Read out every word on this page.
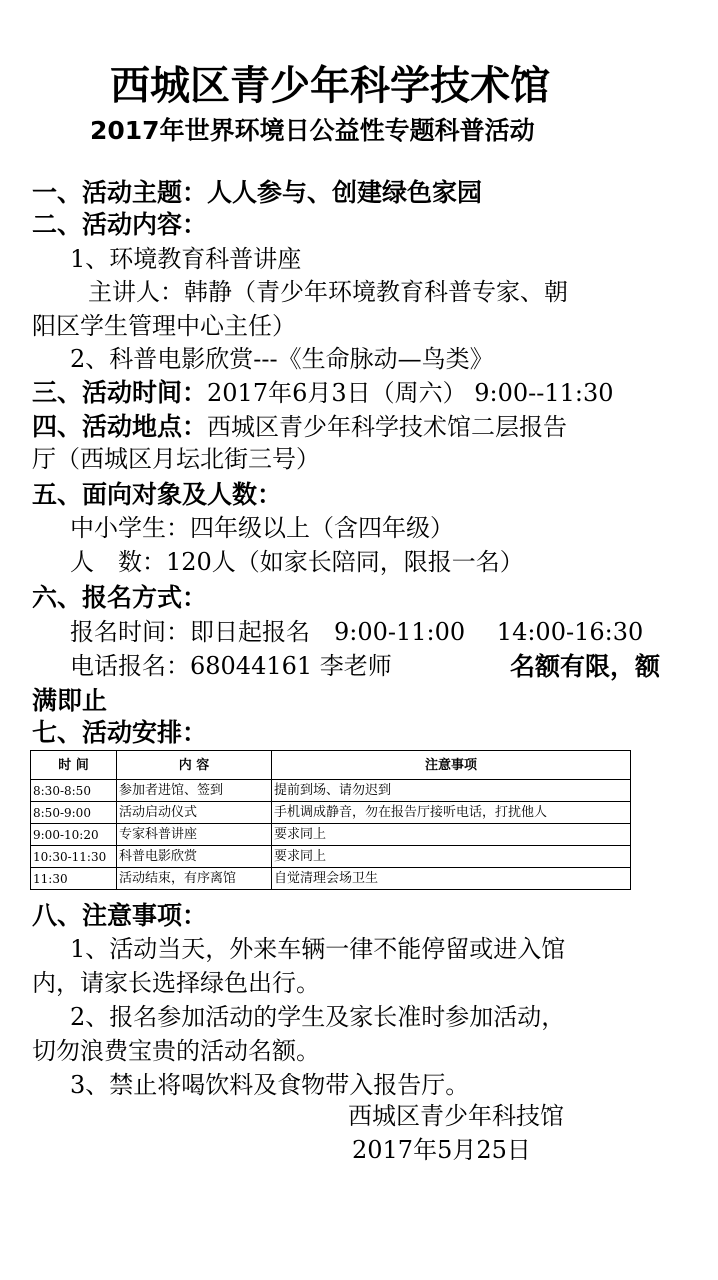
西城区青少年科学技术馆
2017年世界环境日公益性专题科普活动
一、活动主题：人人参与、创建绿色家园
二、活动内容：
1、环境教育科普讲座
主讲人：韩静（青少年环境教育科普专家、朝
阳区学生管理中心主任）
2、科普电影欣赏---《生命脉动—鸟类》
三、活动时间：2017年6月3日（周六） 9:00--11:30
四、活动地点：西城区青少年科学技术馆二层报告
厅（西城区月坛北街三号）
五、面向对象及人数：
中小学生：四年级以上（含四年级）
人　数：120人（如家长陪同，限报一名）
六、报名方式：
报名时间：即日起报名　9:00-11:00　 14:00-16:30
电话报名：68044161 李老师	名额有限，额
满即止
七、活动安排：
时 间	内 容	注意事项
8:30-8:50	参加者进馆、签到	提前到场、请勿迟到
8:50-9:00	活动启动仪式	手机调成静音，勿在报告厅接听电话，打扰他人
9:00-10:20	专家科普讲座	要求同上
10:30-11:30	科普电影欣赏	要求同上
11:30	活动结束，有序离馆	自觉清理会场卫生
八、注意事项：
1、活动当天，外来车辆一律不能停留或进入馆
内，请家长选择绿色出行。
2、报名参加活动的学生及家长准时参加活动，
切勿浪费宝贵的活动名额。
3、禁止将喝饮料及食物带入报告厅。
西城区青少年科技馆
2017年5月25日
